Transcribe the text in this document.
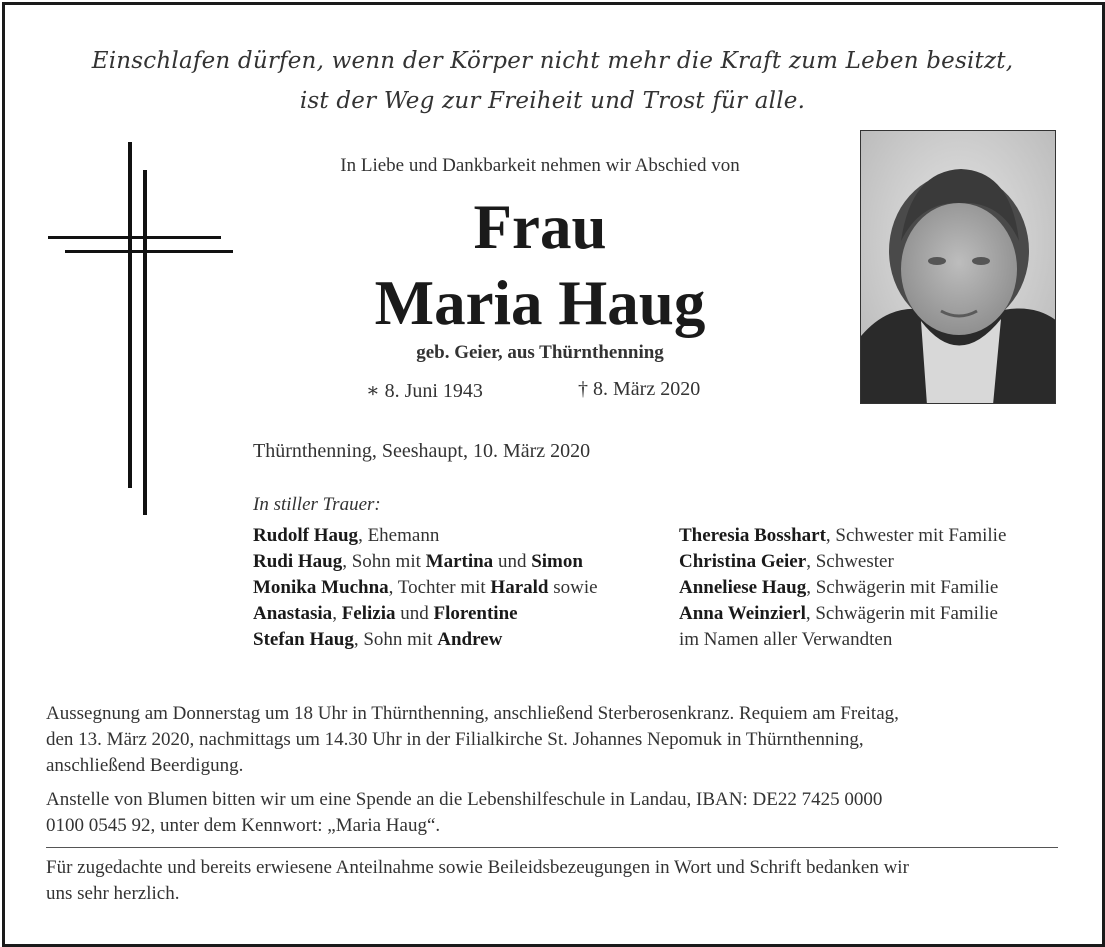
Einschlafen dürfen, wenn der Körper nicht mehr die Kraft zum Leben besitzt,
ist der Weg zur Freiheit und Trost für alle.
In Liebe und Dankbarkeit nehmen wir Abschied von
Frau
Maria Haug
geb. Geier, aus Thürnthenning
∗ 8. Juni 1943	† 8. März 2020
Thürnthenning, Seeshaupt, 10. März 2020
In stiller Trauer:
Rudolf Haug, Ehemann
Rudi Haug, Sohn mit Martina und Simon
Monika Muchna, Tochter mit Harald sowie
Anastasia, Felizia und Florentine
Stefan Haug, Sohn mit Andrew
Theresia Bosshart, Schwester mit Familie
Christina Geier, Schwester
Anneliese Haug, Schwägerin mit Familie
Anna Weinzierl, Schwägerin mit Familie
im Namen aller Verwandten
Aussegnung am Donnerstag um 18 Uhr in Thürnthenning, anschließend Sterberosenkranz. Requiem am Freitag,
den 13. März 2020, nachmittags um 14.30 Uhr in der Filialkirche St. Johannes Nepomuk in Thürnthenning,
anschließend Beerdigung.
Anstelle von Blumen bitten wir um eine Spende an die Lebenshilfeschule in Landau, IBAN: DE22 7425 0000
0100 0545 92, unter dem Kennwort: „Maria Haug“.
Für zugedachte und bereits erwiesene Anteilnahme sowie Beileidsbezeugungen in Wort und Schrift bedanken wir
uns sehr herzlich.
